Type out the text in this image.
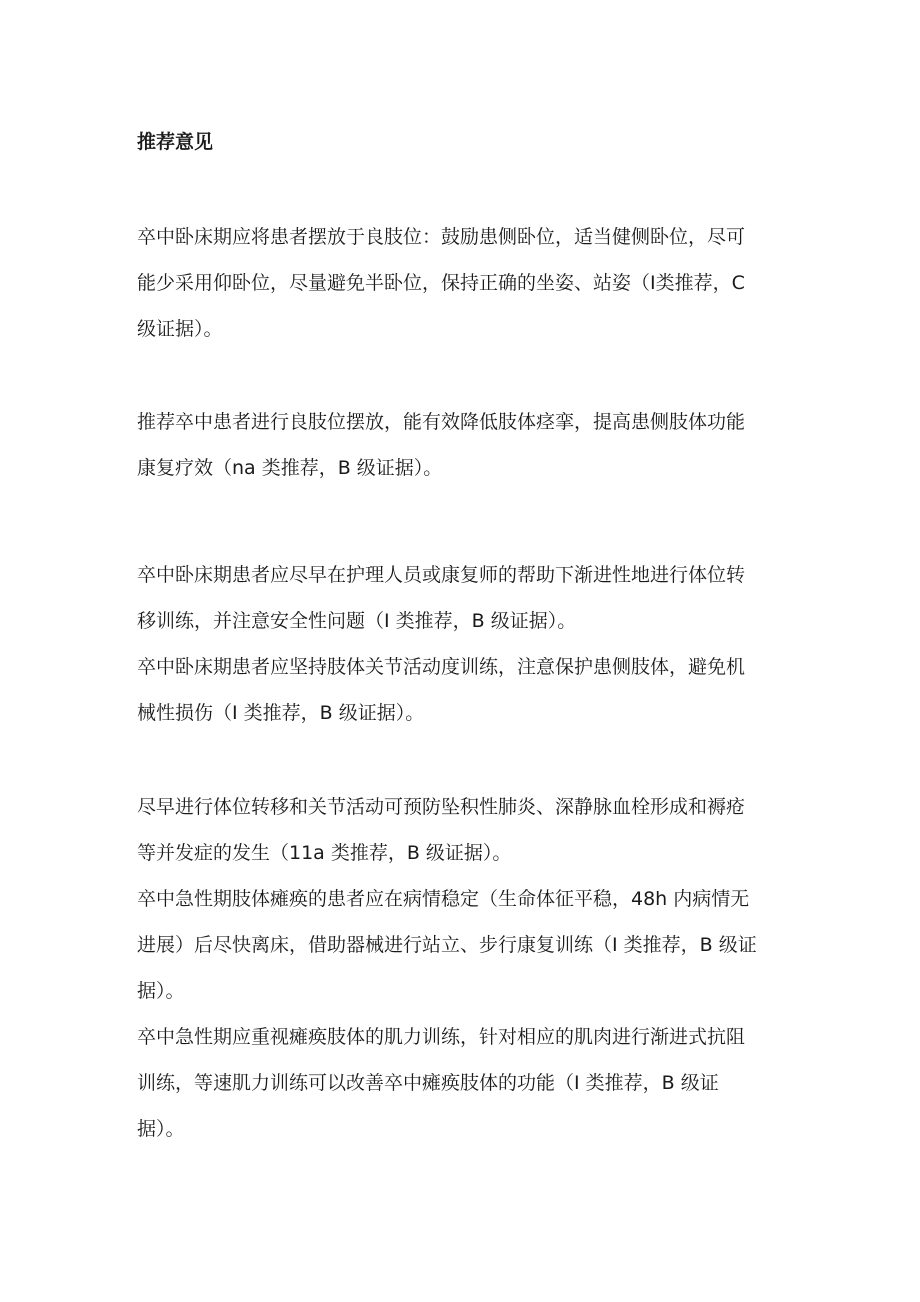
推荐意见
卒中卧床期应将患者摆放于良肢位：鼓励患侧卧位，适当健侧卧位，尽可
能少采用仰卧位，尽量避免半卧位，保持正确的坐姿、站姿（I类推荐，C
级证据）。
推荐卒中患者进行良肢位摆放，能有效降低肢体痉挛，提高患侧肢体功能
康复疗效（na 类推荐，B 级证据）。
卒中卧床期患者应尽早在护理人员或康复师的帮助下渐进性地进行体位转
移训练，并注意安全性问题（I 类推荐，B 级证据）。
卒中卧床期患者应坚持肢体关节活动度训练，注意保护患侧肢体，避免机
械性损伤（I 类推荐，B 级证据）。
尽早进行体位转移和关节活动可预防坠积性肺炎、深静脉血栓形成和褥疮
等并发症的发生（11a 类推荐，B 级证据）。
卒中急性期肢体瘫痪的患者应在病情稳定（生命体征平稳，48h 内病情无
进展）后尽快离床，借助器械进行站立、步行康复训练（I 类推荐，B 级证
据）。
卒中急性期应重视瘫痪肢体的肌力训练，针对相应的肌肉进行渐进式抗阻
训练，等速肌力训练可以改善卒中瘫痪肢体的功能（I 类推荐，B 级证
据）。
